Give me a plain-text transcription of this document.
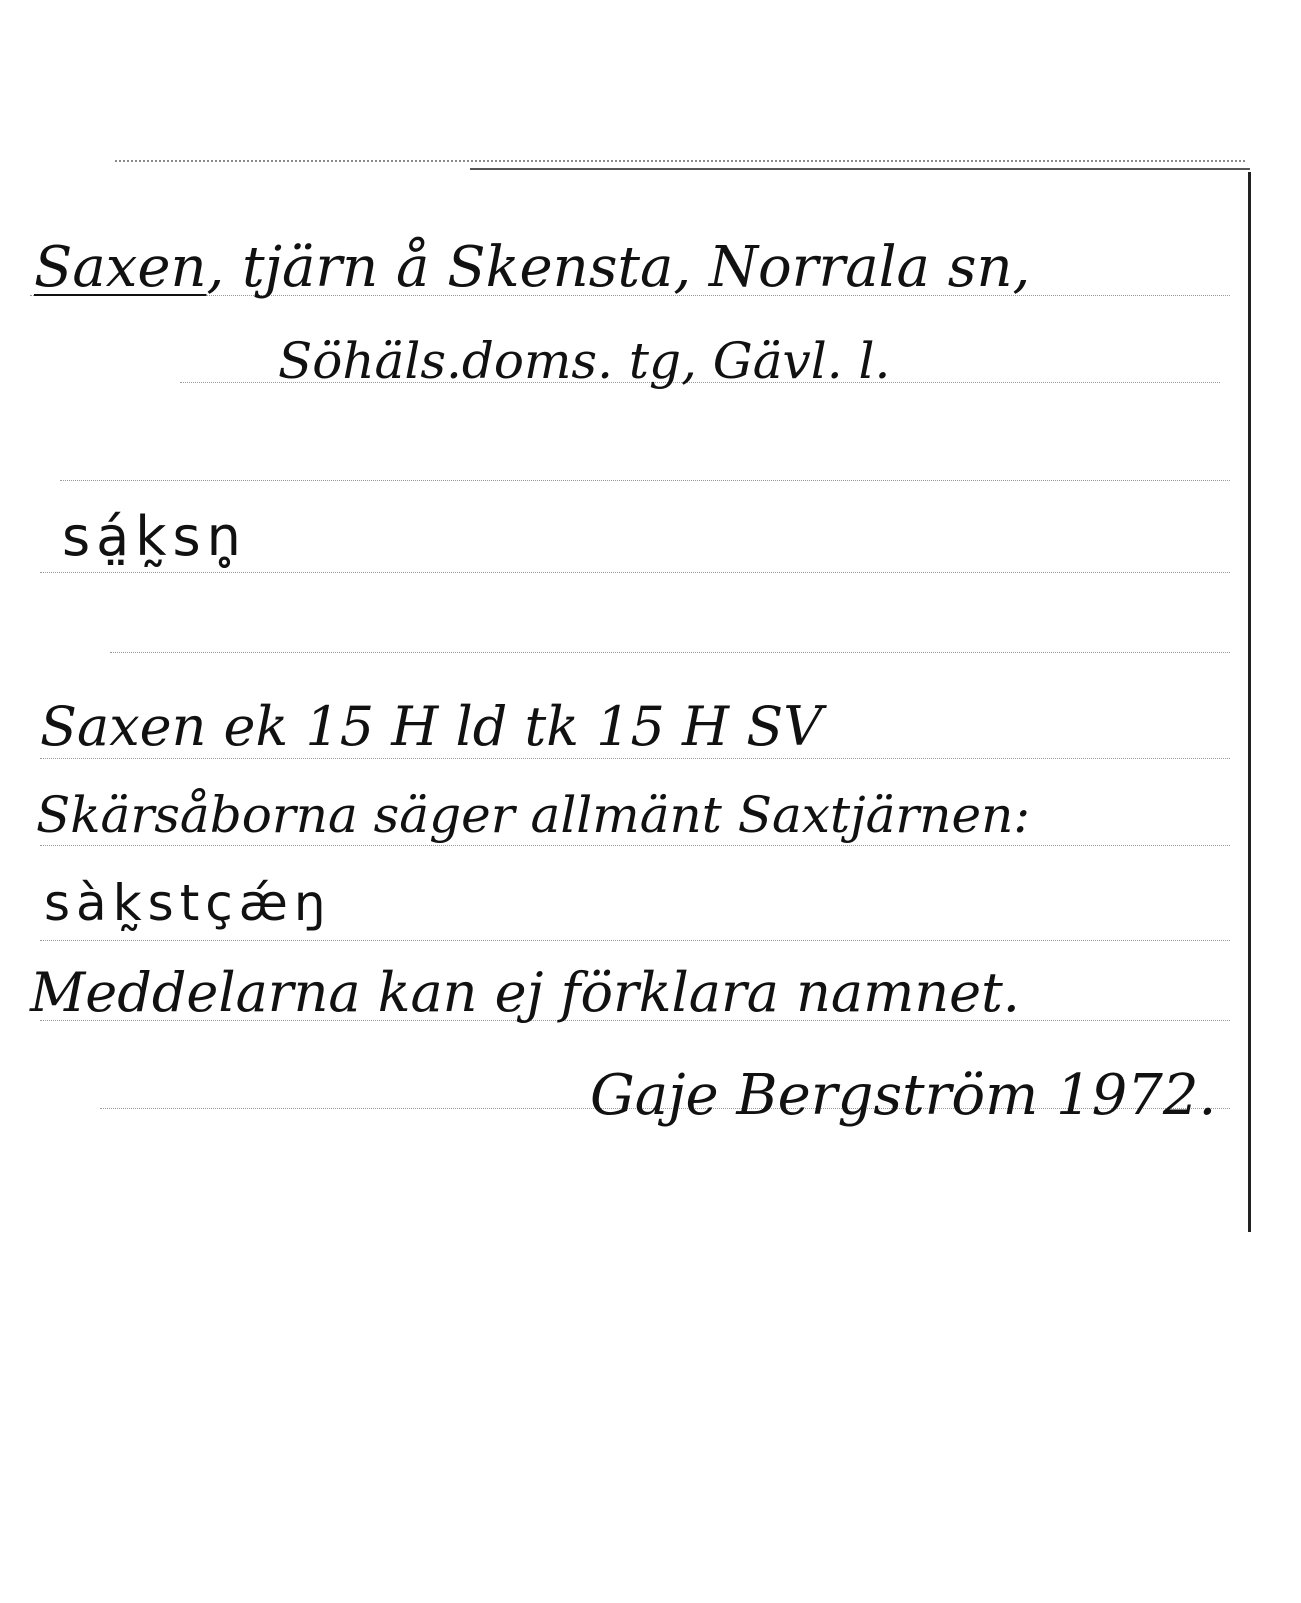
Saxen, tjärn å Skensta, Norrala sn,
Söhäls.doms. tg, Gävl. l.
sá̤k̰sn̥
Saxen ek 15 H ld tk 15 H SV
Skärsåborna säger allmänt Saxtjärnen:
sàk̰stçǽŋ
Meddelarna kan ej förklara namnet.
Gaje Bergström 1972.
